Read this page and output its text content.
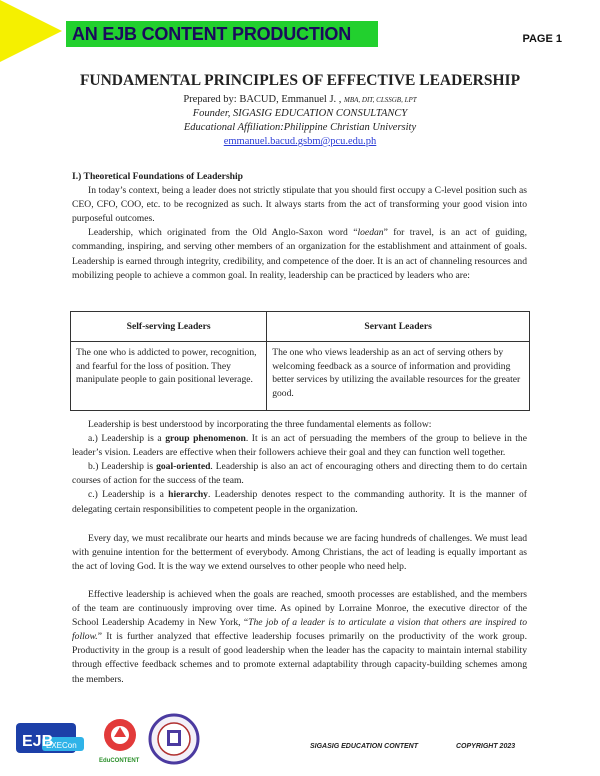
AN EJB CONTENT PRODUCTION	PAGE 1
FUNDAMENTAL PRINCIPLES OF EFFECTIVE LEADERSHIP
Prepared by: BACUD, Emmanuel J. , MBA, DIT, CLSSGB, LPT
Founder, SIGASIG EDUCATION CONSULTANCY
Educational Affiliation:Philippine Christian University
emmanuel.bacud.gsbm@pcu.edu.ph

I.) Theoretical Foundations of Leadership

In today’s context, being a leader does not strictly stipulate that you should first occupy a C-level position such as CEO, CFO, COO, etc. to be recognized as such. It always starts from the act of transforming your good vision into purposeful outcomes.

Leadership, which originated from the Old Anglo-Saxon word “loedan” for travel, is an act of guiding, commanding, inspiring, and serving other members of an organization for the establishment and attainment of goals. Leadership is earned through integrity, credibility, and competence of the doer. It is an act of channeling resources and mobilizing people to achieve a common goal. In reality, leadership can be practiced by leaders who are:

Self-serving Leaders	Servant Leaders
The one who is addicted to power, recognition, and fearful for the loss of position. They manipulate people to gain positional leverage.	The one who views leadership as an act of serving others by welcoming feedback as a source of information and providing better services by utilizing the available resources for the greater good.

Leadership is best understood by incorporating the three fundamental elements as follow:

a.) Leadership is a group phenomenon. It is an act of persuading the members of the group to believe in the leader’s vision. Leaders are effective when their followers achieve their goal and they can function well together.

b.) Leadership is goal-oriented. Leadership is also an act of encouraging others and directing them to do certain courses of action for the success of the team.

c.) Leadership is a hierarchy. Leadership denotes respect to the commanding authority. It is the manner of delegating certain responsibilities to competent people in the organization.

Every day, we must recalibrate our hearts and minds because we are facing hundreds of challenges. We must lead with genuine intention for the betterment of everybody. Among Christians, the act of leading is equally important as the act of loving God. It is the way we extend ourselves to other people who need help.

Effective leadership is achieved when the goals are reached, smooth processes are established, and the members of the team are continuously improving over time. As opined by Lorraine Monroe, the executive director of the School Leadership Academy in New York, “The job of a leader is to articulate a vision that others are inspired to follow.” It is further analyzed that effective leadership focuses primarily on the productivity of the work group. Productivity in the group is a result of good leadership when the leader has the capacity to maintain internal stability through effective feedback schemes and to promote external adaptability through capacity-building schemes among the members.

EJB
EXECon
EduCONTENT
SIGASIG EDUCATION CONTENT	COPYRIGHT 2023
